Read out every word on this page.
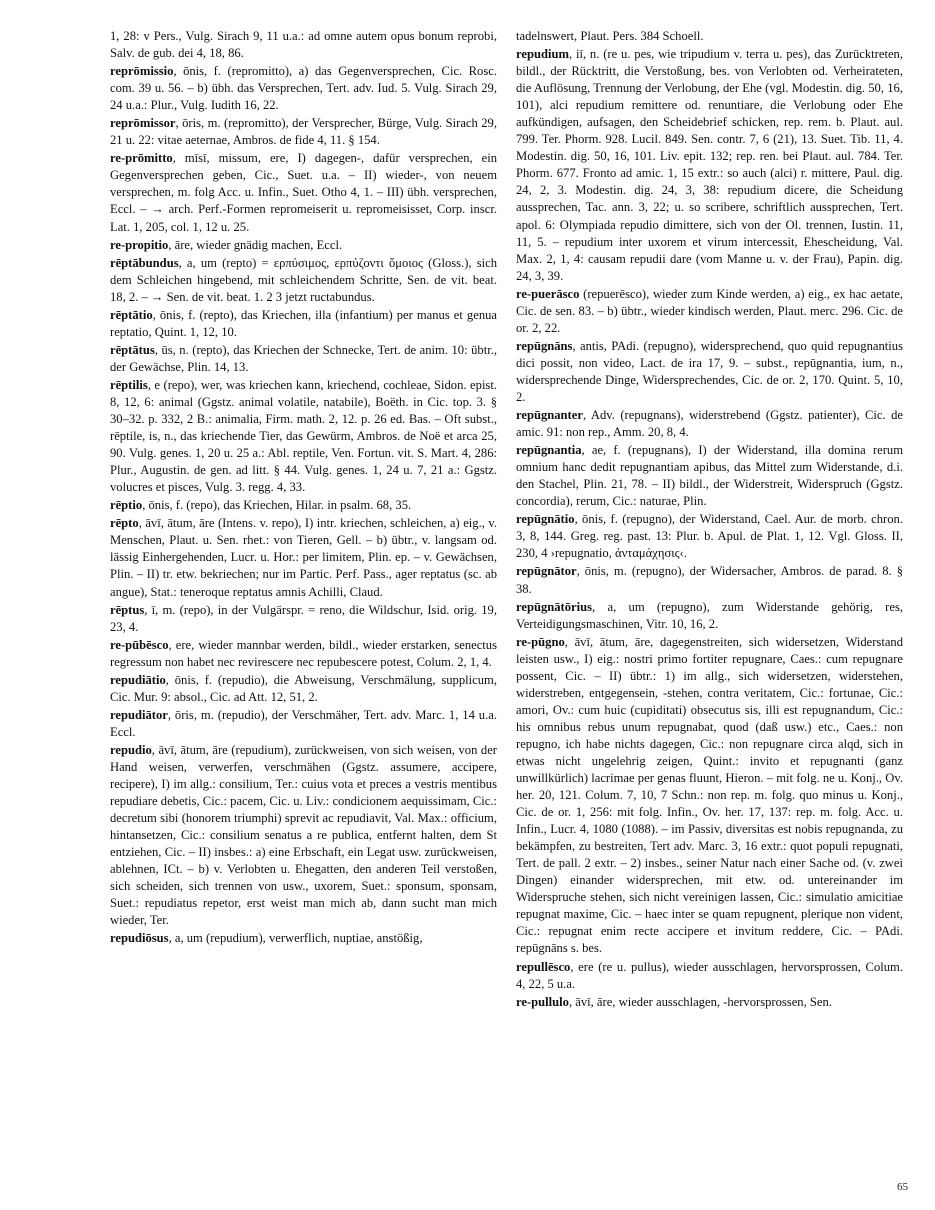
1, 28: v Pers., Vulg. Sirach 9, 11 u.a.: ad omne autem opus bonum reprobi, Salv. de gub. dei 4, 18, 86.

reprōmissio, ōnis, f. (repromitto), a) das Gegenversprechen, Cic. Rosc. com. 39 u. 56. – b) übh. das Versprechen, Tert. adv. Iud. 5. Vulg. Sirach 29, 24 u.a.: Plur., Vulg. Iudith 16, 22.

reprōmissor, ōris, m. (repromitto), der Versprecher, Bürge, Vulg. Sirach 29, 21 u. 22: vitae aeternae, Ambros. de fide 4, 11. § 154.

re-prōmitto, mīsī, missum, ere, I) dagegen-, dafür versprechen, ein Gegenversprechen geben, Cic., Suet. u.a. – II) wieder-, von neuem versprechen, m. folg Acc. u. Infin., Suet. Otho 4, 1. – III) übh. versprechen, Eccl. – → arch. Perf.-Formen repromeiserit u. repromeisisset, Corp. inscr. Lat. 1, 205, col. 1, 12 u. 25.

re-propitio, āre, wieder gnädig machen, Eccl.

rēptābundus, a, um (repto) = ερπύσιμος, ερπύζοντι ὅμοιος (Gloss.), sich dem Schleichen hingebend, mit schleichendem Schritte, Sen. de vit. beat. 18, 2. – → Sen. de vit. beat. 1. 2 3 jetzt ructabundus.

rēptātio, ōnis, f. (repto), das Kriechen, illa (infantium) per manus et genua reptatio, Quint. 1, 12, 10.

rēptātus, ūs, n. (repto), das Kriechen der Schnecke, Tert. de anim. 10: übtr., der Gewächse, Plin. 14, 13.

rēptilis, e (repo), wer, was kriechen kann, kriechend, cochleae, Sidon. epist. 8, 12, 6: animal (Ggstz. animal volatile, natabile), Boëth. in Cic. top. 3. § 30–32. p. 332, 2 B.: animalia, Firm. math. 2, 12. p. 26 ed. Bas. – Oft subst., rēptile, is, n., das kriechende Tier, das Gewürm, Ambros. de Noë et arca 25, 90. Vulg. genes. 1, 20 u. 25 a.: Abl. reptile, Ven. Fortun. vit. S. Mart. 4, 286: Plur., Augustin. de gen. ad litt. § 44. Vulg. genes. 1, 24 u. 7, 21 a.: Ggstz. volucres et pisces, Vulg. 3. regg. 4, 33.

rēptio, ōnis, f. (repo), das Kriechen, Hilar. in psalm. 68, 35.

rēpto, āvī, ātum, āre (Intens. v. repo), I) intr. kriechen, schleichen, a) eig., v. Menschen, Plaut. u. Sen. rhet.: von Tieren, Gell. – b) übtr., v. langsam od. lässig Einhergehenden, Lucr. u. Hor.: per limitem, Plin. ep. – v. Gewächsen, Plin. – II) tr. etw. bekriechen; nur im Partic. Perf. Pass., ager reptatus (sc. ab angue), Stat.: teneroque reptatus amnis Achilli, Claud.

rēptus, ī, m. (repo), in der Vulgärspr. = reno, die Wildschur, Isid. orig. 19, 23, 4.

re-pūbēsco, ere, wieder mannbar werden, bildl., wieder erstarken, senectus regressum non habet nec revirescere nec repubescere potest, Colum. 2, 1, 4.

repudiātio, ōnis, f. (repudio), die Abweisung, Verschmälung, supplicum, Cic. Mur. 9: absol., Cic. ad Att. 12, 51, 2.

repudiātor, ōris, m. (repudio), der Verschmäher, Tert. adv. Marc. 1, 14 u.a. Eccl.

repudio, āvī, ātum, āre (repudium), zurückweisen, von sich weisen, von der Hand weisen, verwerfen, verschmähen (Ggstz. assumere, accipere, recipere), I) im allg.: consilium, Ter.: cuius vota et preces a vestris mentibus repudiare debetis, Cic.: pacem, Cic. u. Liv.: condicionem aequissimam, Cic.: decretum sibi (honorem triumphi) sprevit ac repudiavit, Val. Max.: officium, hintansetzen, Cic.: consilium senatus a re publica, entfernt halten, dem St entziehen, Cic. – II) insbes.: a) eine Erbschaft, ein Legat usw. zurückweisen, ablehnen, ICt. – b) v. Verlobten u. Ehegatten, den anderen Teil verstoßen, sich scheiden, sich trennen von usw., uxorem, Suet.: sponsum, sponsam, Suet.: repudiatus repetor, erst weist man mich ab, dann sucht man mich wieder, Ter.

repudiōsus, a, um (repudium), verwerflich, nuptiae, anstößig,

tadelnswert, Plaut. Pers. 384 Schoell.

repudium, iī, n. (re u. pes, wie tripudium v. terra u. pes), das Zurücktreten, bildl., der Rücktritt, die Verstoßung, bes. von Verlobten od. Verheirateten, die Auflösung, Trennung der Verlobung, der Ehe (vgl. Modestin. dig. 50, 16, 101), alci repudium remittere od. renuntiare, die Verlobung oder Ehe aufkündigen, aufsagen, den Scheidebrief schicken, rep. rem. b. Plaut. aul. 799. Ter. Phorm. 928. Lucil. 849. Sen. contr. 7, 6 (21), 13. Suet. Tib. 11, 4. Modestin. dig. 50, 16, 101. Liv. epit. 132; rep. ren. bei Plaut. aul. 784. Ter. Phorm. 677. Fronto ad amic. 1, 15 extr.: so auch (alci) r. mittere, Paul. dig. 24, 2, 3. Modestin. dig. 24, 3, 38: repudium dicere, die Scheidung aussprechen, Tac. ann. 3, 22; u. so scribere, schriftlich aussprechen, Tert. apol. 6: Olympiada repudio dimittere, sich von der Ol. trennen, Iustin. 11, 11, 5. – repudium inter uxorem et virum intercessit, Ehescheidung, Val. Max. 2, 1, 4: causam repudii dare (vom Manne u. v. der Frau), Papin. dig. 24, 3, 39.

re-puerāsco (repuerēsco), wieder zum Kinde werden, a) eig., ex hac aetate, Cic. de sen. 83. – b) übtr., wieder kindisch werden, Plaut. merc. 296. Cic. de or. 2, 22.

repūgnāns, antis, PAdi. (repugno), widersprechend, quo quid repugnantius dici possit, non video, Lact. de ira 17, 9. – subst., repūgnantia, ium, n., widersprechende Dinge, Widersprechendes, Cic. de or. 2, 170. Quint. 5, 10, 2.

repūgnanter, Adv. (repugnans), widerstrebend (Ggstz. patienter), Cic. de amic. 91: non rep., Amm. 20, 8, 4.

repūgnantia, ae, f. (repugnans), I) der Widerstand, illa domina rerum omnium hanc dedit repugnantiam apibus, das Mittel zum Widerstande, d.i. den Stachel, Plin. 21, 78. – II) bildl., der Widerstreit, Widerspruch (Ggstz. concordia), rerum, Cic.: naturae, Plin.

repūgnātio, ōnis, f. (repugno), der Widerstand, Cael. Aur. de morb. chron. 3, 8, 144. Greg. reg. past. 13: Plur. b. Apul. de Plat. 1, 12. Vgl. Gloss. II, 230, 4 ›repugnatio, ἀνταμάχησις‹.

repūgnātor, ōnis, m. (repugno), der Widersacher, Ambros. de parad. 8. § 38.

repūgnātōrius, a, um (repugno), zum Widerstande gehörig, res, Verteidigungsmaschinen, Vitr. 10, 16, 2.

re-pūgno, āvī, ātum, āre, dagegenstreiten, sich widersetzen, Widerstand leisten usw., I) eig.: nostri primo fortiter repugnare, Caes.: cum repugnare possent, Cic. – II) übtr.: 1) im allg., sich widersetzen, widerstehen, widerstreben, entgegensein, -stehen, contra veritatem, Cic.: fortunae, Cic.: amori, Ov.: cum huic (cupiditati) obsecutus sis, illi est repugnandum, Cic.: his omnibus rebus unum repugnabat, quod (daß usw.) etc., Caes.: non repugno, ich habe nichts dagegen, Cic.: non repugnare circa alqd, sich in etwas nicht ungelehrig zeigen, Quint.: invito et repugnanti (ganz unwillkürlich) lacrimae per genas fluunt, Hieron. – mit folg. ne u. Konj., Ov. her. 20, 121. Colum. 7, 10, 7 Schn.: non rep. m. folg. quo minus u. Konj., Cic. de or. 1, 256: mit folg. Infin., Ov. her. 17, 137: rep. m. folg. Acc. u. Infin., Lucr. 4, 1080 (1088). – im Passiv, diversitas est nobis repugnanda, zu bekämpfen, zu bestreiten, Tert adv. Marc. 3, 16 extr.: quot populi repugnati, Tert. de pall. 2 extr. – 2) insbes., seiner Natur nach einer Sache od. (v. zwei Dingen) einander widersprechen, mit etw. od. untereinander im Widerspruche stehen, sich nicht vereinigen lassen, Cic.: simulatio amicitiae repugnat maxime, Cic. – haec inter se quam repugnent, plerique non vident, Cic.: repugnat enim recte accipere et invitum reddere, Cic. – PAdi. repūgnāns s. bes.

repullēsco, ere (re u. pullus), wieder ausschlagen, hervorsprossen, Colum. 4, 22, 5 u.a.

re-pullulo, āvī, āre, wieder ausschlagen, -hervorsprossen, Sen.

65
